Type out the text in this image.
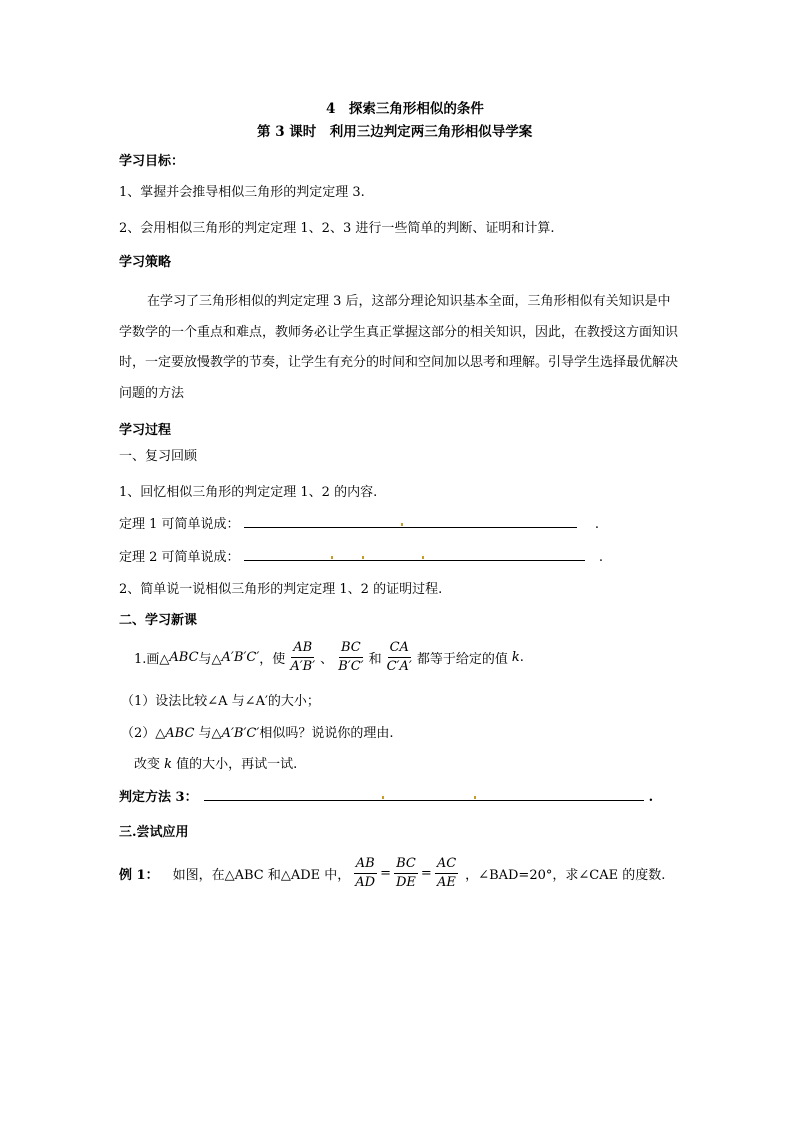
4　探索三角形相似的条件
第 3 课时　利用三边判定两三角形相似导学案
学习目标：
1、掌握并会推导相似三角形的判定定理 3.
2、会用相似三角形的判定定理 1、2、3 进行一些简单的判断、证明和计算.
学习策略
在学习了三角形相似的判定定理 3 后，这部分理论知识基本全面，三角形相似有关知识是中学数学的一个重点和难点，教师务必让学生真正掌握这部分的相关知识，因此，在教授这方面知识时，一定要放慢教学的节奏，让学生有充分的时间和空间加以思考和理解。引导学生选择最优解决问题的方法
学习过程
一、复习回顾
1、回忆相似三角形的判定定理 1、2 的内容.
定理 1 可简单说成：	.
定理 2 可简单说成：	.
2、简单说一说相似三角形的判定定理 1、2 的证明过程.
二、学习新课
1.画△ ABC 与△ A′B′C′ ，使 $\frac{AB}{A'B'}$ 、 $\frac{BC}{B'C'}$ 和 $\frac{CA}{C'A'}$ 都等于给定的值 k .
（1）设法比较∠A 与∠A′的大小；
（2）△ABC 与△A′B′C′相似吗？说说你的理由.
改变 k 值的大小，再试一试.
判定方法 3：	.
三.尝试应用
例 1： 如图，在△ABC 和△ADE 中， $\frac{AB}{AD} = \frac{BC}{DE} = \frac{AC}{AE}$ ，∠BAD=20°，求∠CAE 的度数.
